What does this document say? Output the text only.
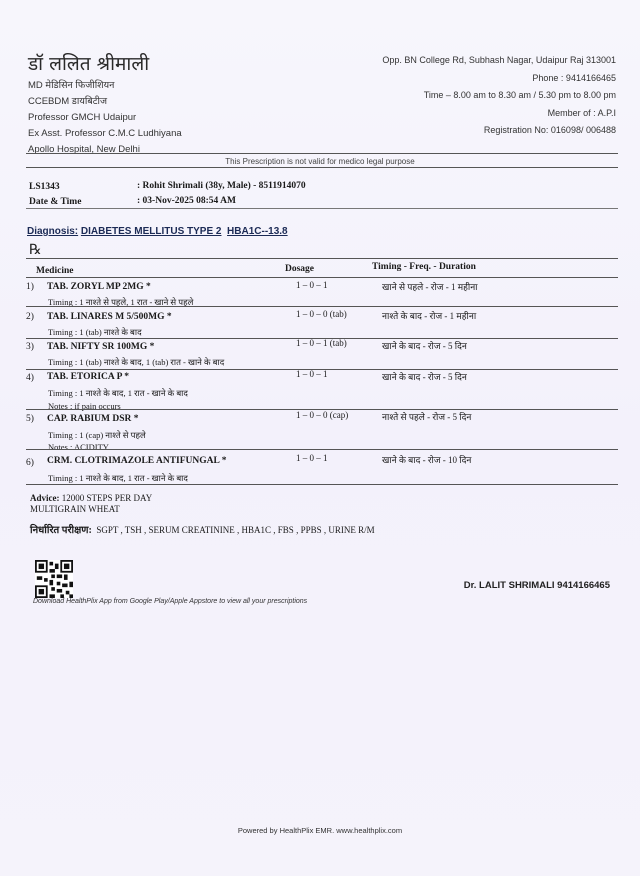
डॉ ललित श्रीमाली
MD मेडिसिन फिजीशियन
CCEBDM डायबिटीज
Professor GMCH Udaipur
Ex Asst. Professor C.M.C Ludhiyana
Apollo Hospital, New Delhi
Opp. BN College Rd, Subhash Nagar, Udaipur Raj 313001
Phone : 9414166465
Time – 8.00 am to 8.30 am / 5.30 pm to 8.00 pm
Member of : A.P.I
Registration No: 016098/ 006488
This Prescription is not valid for medico legal purpose
LS1343	: Rohit Shrimali (38y, Male) - 8511914070
Date & Time	: 03-Nov-2025 08:54 AM
Diagnosis: DIABETES MELLITUS TYPE 2 HBA1C--13.8
℞
Medicine	Dosage	Timing - Freq. - Duration
1) TAB. ZORYL MP 2MG *	1 – 0 – 1	खाने से पहले - रोज - 1 महीना
Timing : 1 नाश्ते से पहले, 1 रात - खाने से पहले
2) TAB. LINARES M 5/500MG *	1 – 0 – 0 (tab)	नाश्ते के बाद - रोज - 1 महीना
Timing : 1 (tab) नाश्ते के बाद
3) TAB. NIFTY SR 100MG *	1 – 0 – 1 (tab)	खाने के बाद - रोज - 5 दिन
Timing : 1 (tab) नाश्ते के बाद, 1 (tab) रात - खाने के बाद
4) TAB. ETORICA P *	1 – 0 – 1	खाने के बाद - रोज - 5 दिन
Timing : 1 नाश्ते के बाद, 1 रात - खाने के बाद
Notes : if pain occurs
5) CAP. RABIUM DSR *	1 – 0 – 0 (cap)	नाश्ते से पहले - रोज - 5 दिन
Timing : 1 (cap) नाश्ते से पहले
Notes : ACIDITY
6) CRM. CLOTRIMAZOLE ANTIFUNGAL *	1 – 0 – 1	खाने के बाद - रोज - 10 दिन
Timing : 1 नाश्ते के बाद, 1 रात - खाने के बाद
Advice: 12000 STEPS PER DAY
MULTIGRAIN WHEAT
निर्धारित परीक्षण: SGPT , TSH , SERUM CREATININE , HBA1C , FBS , PPBS , URINE R/M
Download HealthPlix App from Google Play/Apple Appstore to view all your prescriptions
Dr. LALIT SHRIMALI 9414166465
Powered by HealthPlix EMR. www.healthplix.com
